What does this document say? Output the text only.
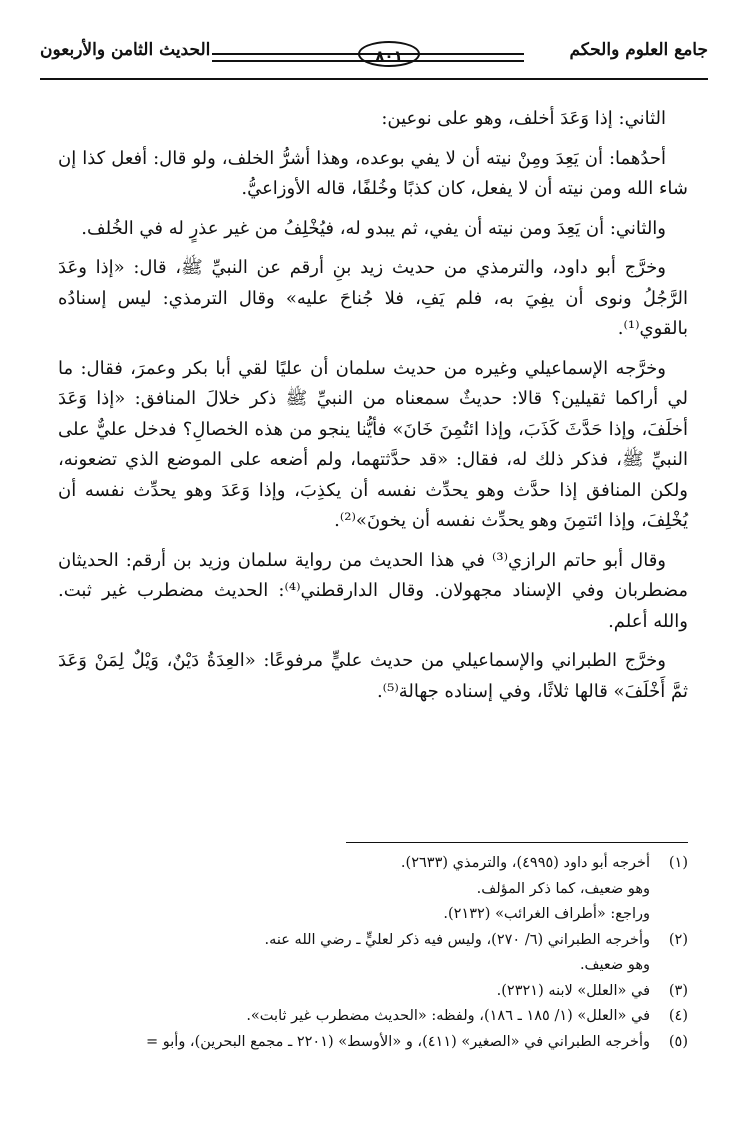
جامع العلوم والحكم
٨٠١
الحديث الثامن والأربعون

الثاني: إذا وَعَدَ أخلف، وهو على نوعين:

أحدُهما: أن يَعِدَ ومِنْ نيته أن لا يفي بوعده، وهذا أشرُّ الخلف، ولو قال: أفعل كذا إن شاء الله ومن نيته أن لا يفعل، كان كذبًا وخُلفًا، قاله الأوزاعيُّ.

والثاني: أن يَعِدَ ومن نيته أن يفي، ثم يبدو له، فيُخْلِفُ من غير عذرٍ له في الخُلف.

وخرَّج أبو داود، والترمذي من حديث زيد بنِ أرقم عن النبيِّ ﷺ، قال: «إذا وعَدَ الرَّجُلُ ونوى أن يفِيَ به، فلم يَفِ، فلا جُناحَ عليه» وقال الترمذي: ليس إسنادُه بالقوي⁽¹⁾.

وخرَّجه الإسماعيلي وغيره من حديث سلمان أن عليًا لقي أبا بكر وعمرَ، فقال: ما لي أراكما ثقيلين؟ قالا: حديثٌ سمعناه من النبيِّ ﷺ ذكر خلالَ المنافق: «إذا وَعَدَ أخلَفَ، وإذا حَدَّثَ كَذَبَ، وإذا ائتُمِنَ خَانَ» فأيُّنا ينجو من هذه الخصالِ؟ فدخل عليٌّ على النبيِّ ﷺ، فذكر ذلك له، فقال: «قد حدَّثتهما، ولم أضعه على الموضع الذي تضعونه، ولكن المنافق إذا حدَّث وهو يحدِّث نفسه أن يكذِبَ، وإذا وَعَدَ وهو يحدِّث نفسه أن يُخْلِفَ، وإذا ائتمِنَ وهو يحدِّث نفسه أن يخونَ»⁽²⁾.

وقال أبو حاتم الرازي⁽³⁾ في هذا الحديث من رواية سلمان وزيد بن أرقم: الحديثان مضطربان وفي الإسناد مجهولان. وقال الدارقطني⁽⁴⁾: الحديث مضطرب غير ثبت. والله أعلم.

وخرَّج الطبراني والإسماعيلي من حديث عليٍّ مرفوعًا: «العِدَةُ دَيْنٌ، وَيْلٌ لِمَنْ وَعَدَ ثمَّ أَخْلَفَ» قالها ثلاثًا، وفي إسناده جهالة⁽⁵⁾.

(١)
أخرجه أبو داود (٤٩٩٥)، والترمذي (٢٦٣٣).
وهو ضعيف، كما ذكر المؤلف.
وراجع: «أطراف الغرائب» (٢١٣٢).
(٢)
وأخرجه الطبراني (٦/ ٢٧٠)، وليس فيه ذكر لعليٍّ ـ رضي الله عنه.
وهو ضعيف.
(٣)
في «العلل» لابنه (٢٣٢١).
(٤)
في «العلل» (١/ ١٨٥ ـ ١٨٦)، ولفظه: «الحديث مضطرب غير ثابت».
(٥)
وأخرجه الطبراني في «الصغير» (٤١١)، و «الأوسط» (٢٢٠١ ـ مجمع البحرين)، وأبو =
